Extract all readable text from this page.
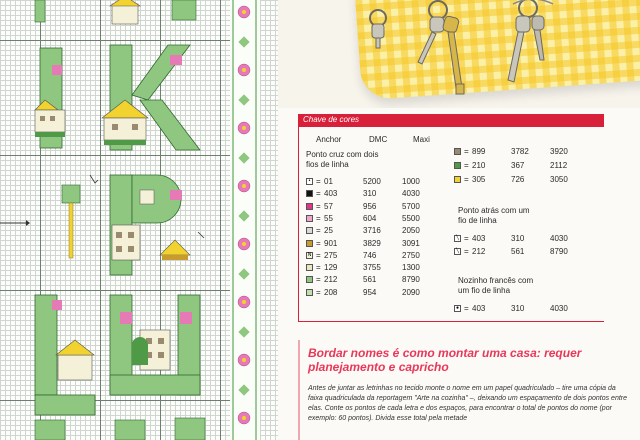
Chave de cores
Anchor	DMC	Maxi
Ponto cruz com dois
fios de linha
• = 01	5200	1000
= 403	310	4030
= 57	956	5700
= 55	604	5500
= 25	3716	2050
= 901	3829	3091
N = 275	746	2750
= 129	3755	1300
= 212	561	8790
= 208	954	2090
= 899	3782	3920
= 210	367	2112
= 305	726	3050
Ponto atrás com um
fio de linha
╲ = 403	310	4030
╲ = 212	561	8790
Nozinho francês com
um fio de linha
● = 403	310	4030
Bordar nomes é como montar uma casa: requer planejamento e capricho
Antes de juntar as letrinhas no tecido monte o nome em um papel quadriculado – tire uma cópia da faixa quadriculada da reportagem "Arte na cozinha" –, deixando um espaçamento de dois pontos entre elas. Conte os pontos de cada letra e dos espaços, para encontrar o total de pontos do nome (por exemplo: 60 pontos). Divida esse total pela metade
